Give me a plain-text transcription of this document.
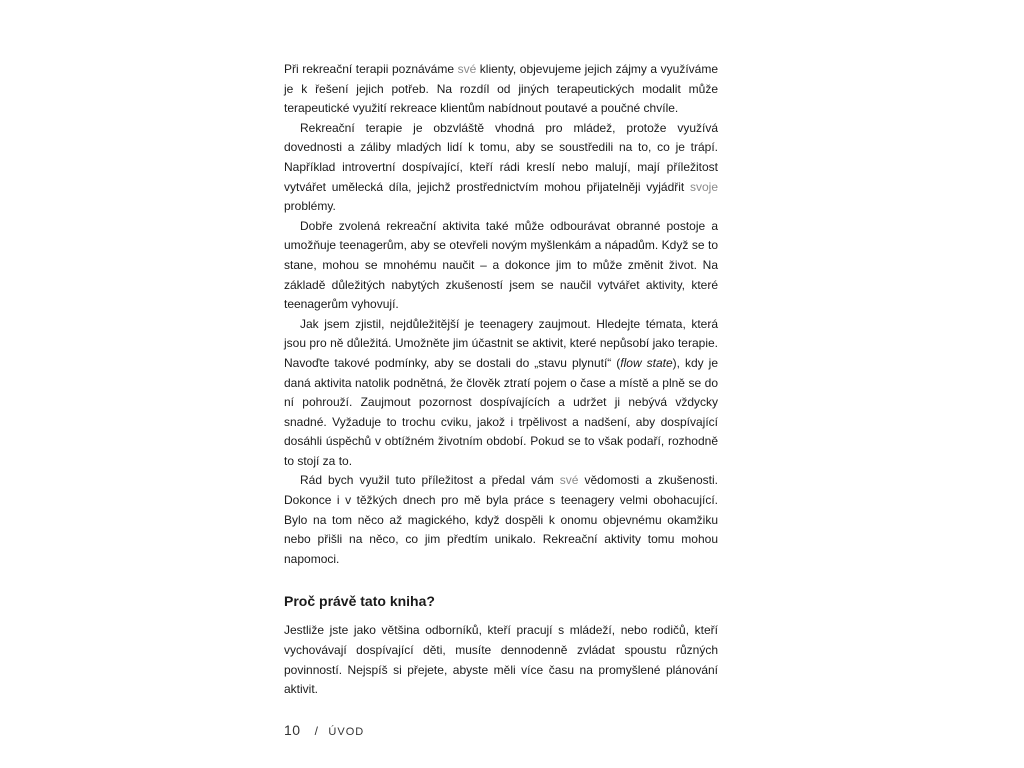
Při rekreační terapii poznáváme své klienty, objevujeme jejich zájmy a využíváme je k řešení jejich potřeb. Na rozdíl od jiných terapeutických modalit může terapeutické využití rekreace klientům nabídnout poutavé a poučné chvíle.

Rekreační terapie je obzvláště vhodná pro mládež, protože využívá dovednosti a záliby mladých lidí k tomu, aby se soustředili na to, co je trápí. Například introvertní dospívající, kteří rádi kreslí nebo malují, mají příležitost vytvářet umělecká díla, jejichž prostřednictvím mohou přijatelněji vyjádřit svoje problémy.

Dobře zvolená rekreační aktivita také může odbourávat obranné postoje a umožňuje teenagerům, aby se otevřeli novým myšlenkám a nápadům. Když se to stane, mohou se mnohému naučit – a dokonce jim to může změnit život. Na základě důležitých nabytých zkušeností jsem se naučil vytvářet aktivity, které teenagerům vyhovují.

Jak jsem zjistil, nejdůležitější je teenagery zaujmout. Hledejte témata, která jsou pro ně důležitá. Umožněte jim účastnit se aktivit, které nepůsobí jako terapie. Navoďte takové podmínky, aby se dostali do „stavu plynutí“ (flow state), kdy je daná aktivita natolik podnětná, že člověk ztratí pojem o čase a místě a plně se do ní pohrouží. Zaujmout pozornost dospívajících a udržet ji nebývá vždycky snadné. Vyžaduje to trochu cviku, jakož i trpělivost a nadšení, aby dospívající dosáhli úspěchů v obtížném životním období. Pokud se to však podaří, rozhodně to stojí za to.

Rád bych využil tuto příležitost a předal vám své vědomosti a zkušenosti. Dokonce i v těžkých dnech pro mě byla práce s teenagery velmi obohacující. Bylo na tom něco až magického, když dospěli k onomu objevnému okamžiku nebo přišli na něco, co jim předtím unikalo. Rekreační aktivity tomu mohou napomoci.

Proč právě tato kniha?

Jestliže jste jako většina odborníků, kteří pracují s mládeží, nebo rodičů, kteří vychovávají dospívající děti, musíte dennodenně zvládat spoustu různých povinností. Nejspíš si přejete, abyste měli více času na promyšlené plánování aktivit.

10 / ÚVOD
